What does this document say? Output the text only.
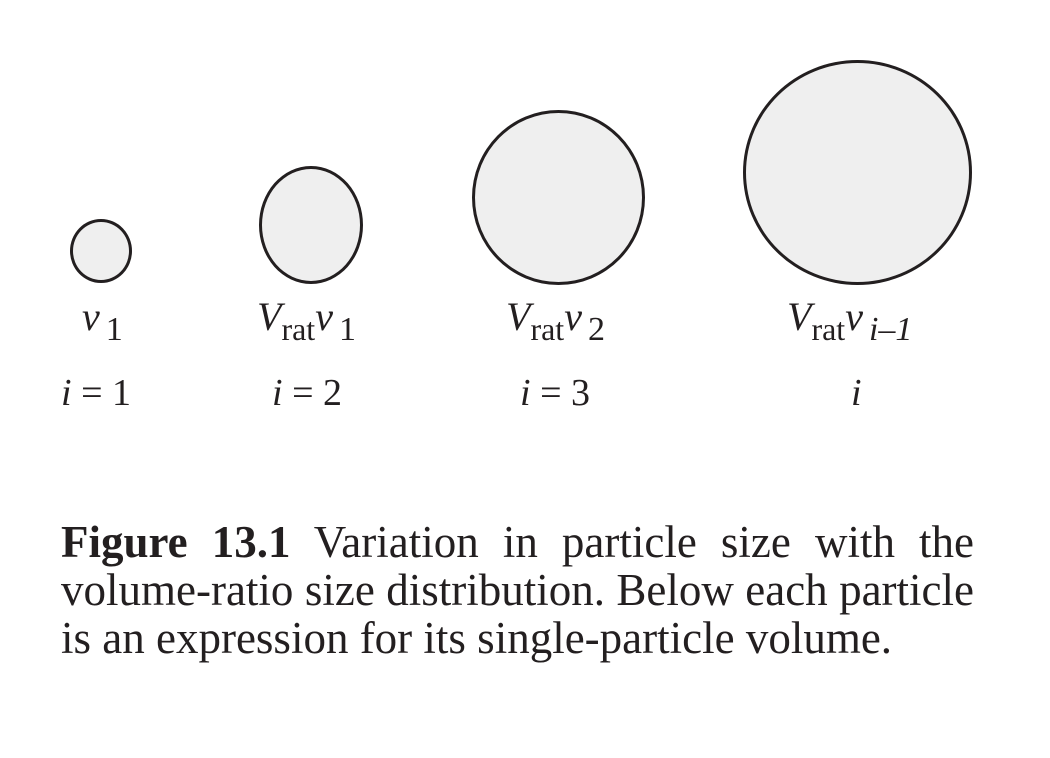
v $_1$	$V_{rat}v$ $_1$	$V_{rat}v$ $_2$	$V_{rat}v$ $_{i-1}$
i = 1	i = 2	i = 3	i

Figure 13.1 Variation in particle size with the volume-ratio size distribution. Below each particle is an expression for its single-particle volume.
